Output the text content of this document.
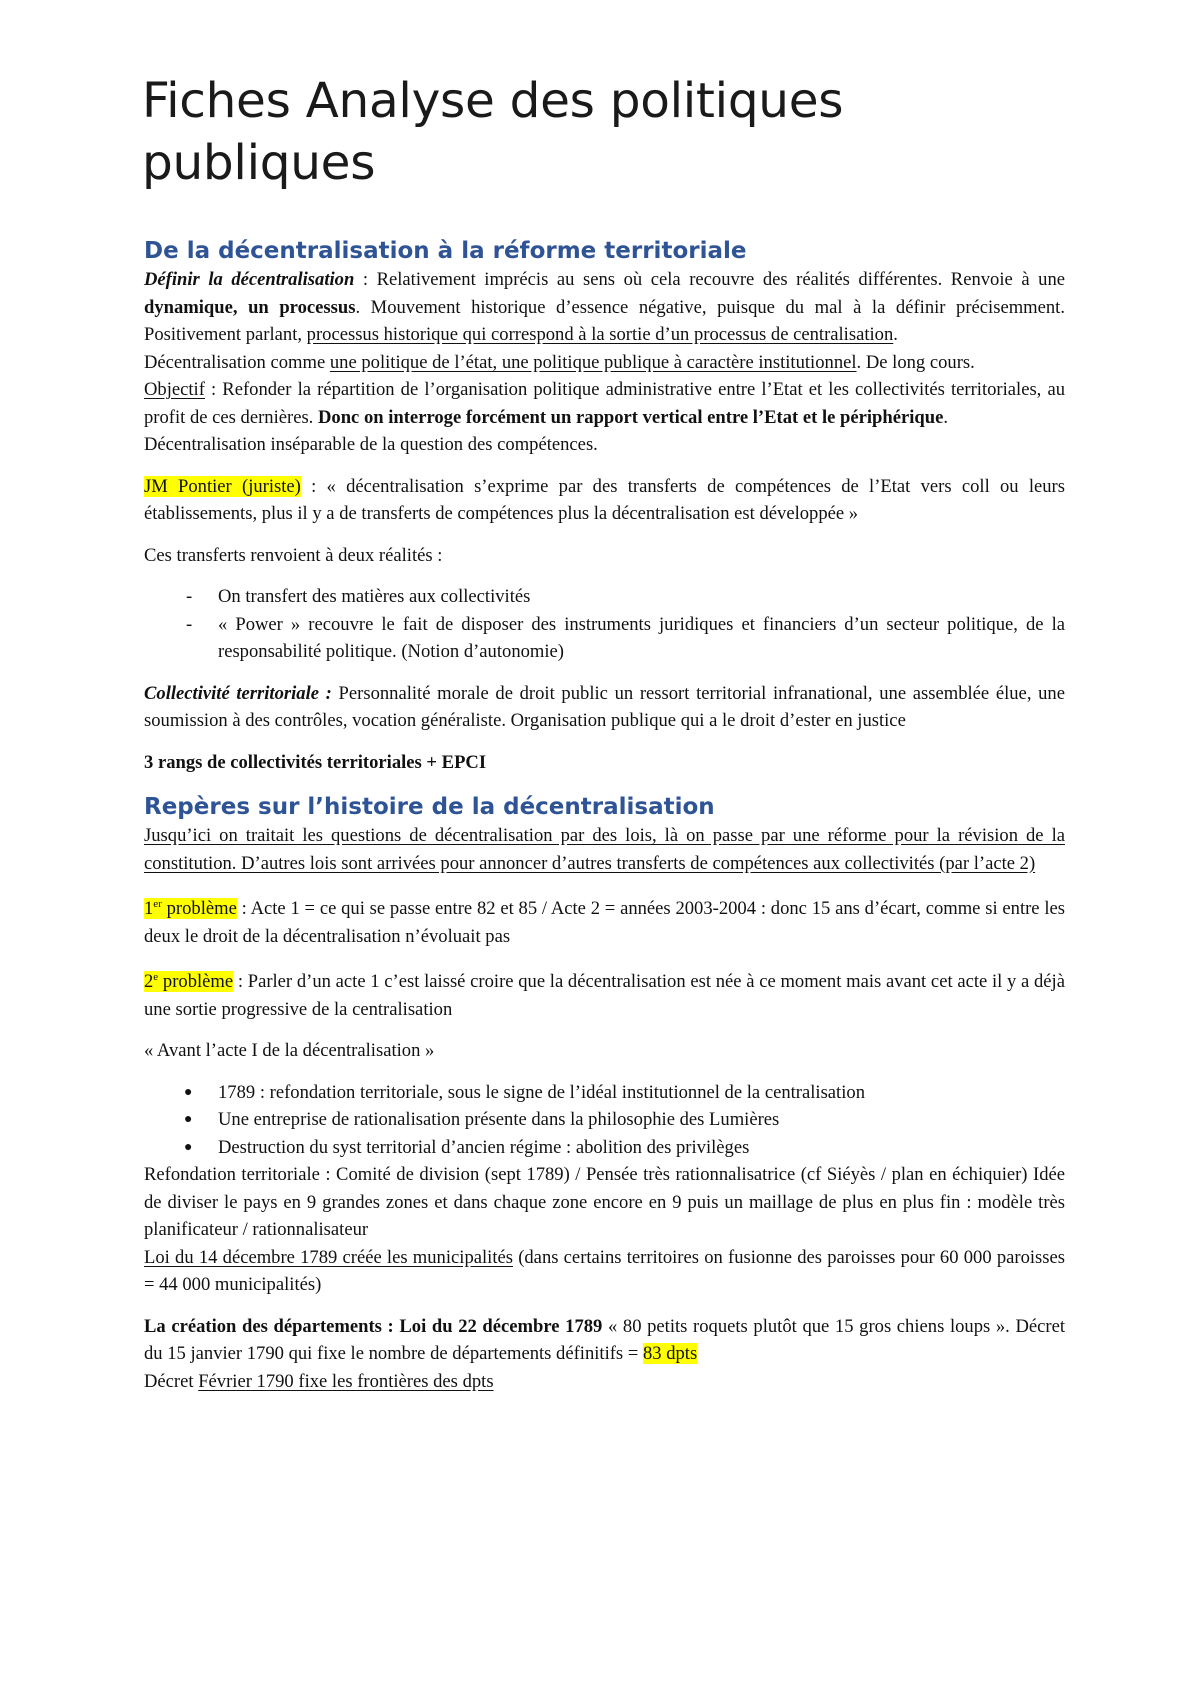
Fiches Analyse des politiques publiques
De la décentralisation à la réforme territoriale

Définir la décentralisation : Relativement imprécis au sens où cela recouvre des réalités différentes. Renvoie à une dynamique, un processus. Mouvement historique d’essence négative, puisque du mal à la définir précisemment. Positivement parlant, processus historique qui correspond à la sortie d’un processus de centralisation.

Décentralisation comme une politique de l’état, une politique publique à caractère institutionnel. De long cours.

Objectif : Refonder la répartition de l’organisation politique administrative entre l’Etat et les collectivités territoriales, au profit de ces dernières. Donc on interroge forcément un rapport vertical entre l’Etat et le périphérique.

Décentralisation inséparable de la question des compétences.

JM Pontier (juriste) : « décentralisation s’exprime par des transferts de compétences de l’Etat vers coll ou leurs établissements, plus il y a de transferts de compétences plus la décentralisation est développée »

Ces transferts renvoient à deux réalités :

- On transfert des matières aux collectivités
- « Power » recouvre le fait de disposer des instruments juridiques et financiers d’un secteur politique, de la responsabilité politique. (Notion d’autonomie)

Collectivité territoriale : Personnalité morale de droit public un ressort territorial infranational, une assemblée élue, une soumission à des contrôles, vocation généraliste. Organisation publique qui a le droit d’ester en justice

3 rangs de collectivités territoriales + EPCI

Repères sur l’histoire de la décentralisation

Jusqu’ici on traitait les questions de décentralisation par des lois, là on passe par une réforme pour la révision de la constitution. D’autres lois sont arrivées pour annoncer d’autres transferts de compétences aux collectivités (par l’acte 2)

1er problème : Acte 1 = ce qui se passe entre 82 et 85 / Acte 2 = années 2003-2004 : donc 15 ans d’écart, comme si entre les deux le droit de la décentralisation n’évoluait pas

2e problème : Parler d’un acte 1 c’est laissé croire que la décentralisation est née à ce moment mais avant cet acte il y a déjà une sortie progressive de la centralisation

« Avant l’acte I de la décentralisation »

● 1789 : refondation territoriale, sous le signe de l’idéal institutionnel de la centralisation
● Une entreprise de rationalisation présente dans la philosophie des Lumières
● Destruction du syst territorial d’ancien régime : abolition des privilèges

Refondation territoriale : Comité de division (sept 1789) / Pensée très rationnalisatrice (cf Siéyès / plan en échiquier) Idée de diviser le pays en 9 grandes zones et dans chaque zone encore en 9 puis un maillage de plus en plus fin : modèle très planificateur / rationnalisateur

Loi du 14 décembre 1789 créée les municipalités (dans certains territoires on fusionne des paroisses pour 60 000 paroisses = 44 000 municipalités)

La création des départements : Loi du 22 décembre 1789 « 80 petits roquets plutôt que 15 gros chiens loups ». Décret du 15 janvier 1790 qui fixe le nombre de départements définitifs = 83 dpts

Décret Février 1790 fixe les frontières des dpts
